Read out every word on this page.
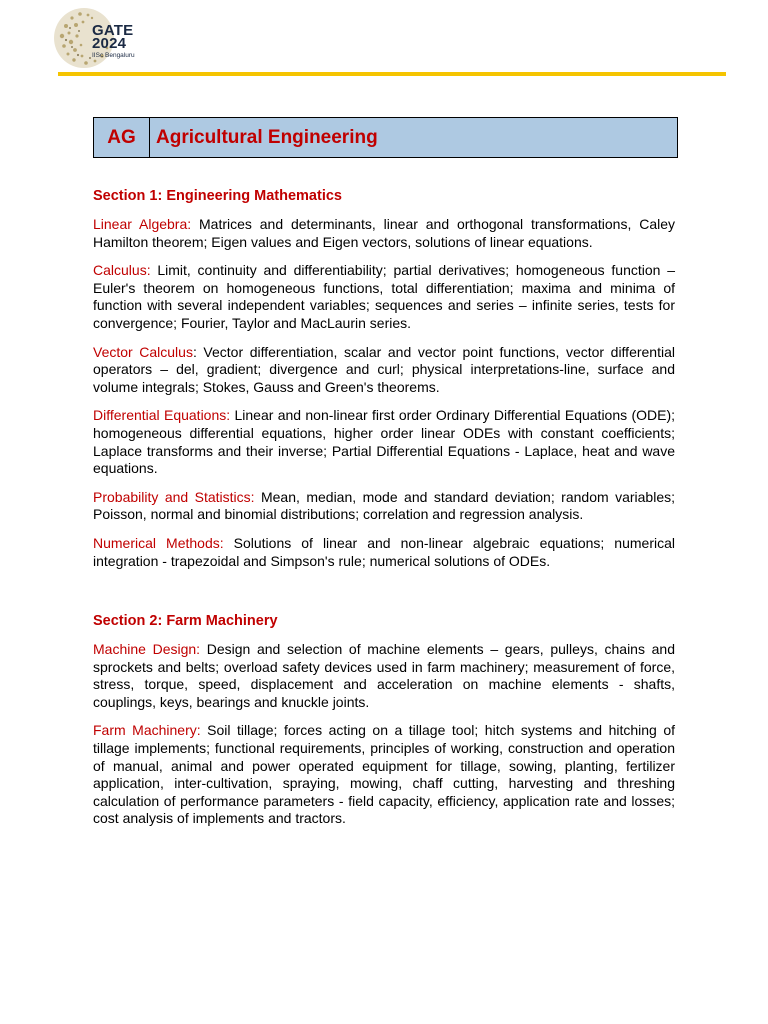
GATE
2024
IISc Bengaluru
AG	Agricultural Engineering
Section 1: Engineering Mathematics

Linear Algebra: Matrices and determinants, linear and orthogonal transformations, Caley Hamilton theorem; Eigen values and Eigen vectors, solutions of linear equations.

Calculus: Limit, continuity and differentiability; partial derivatives; homogeneous function – Euler's theorem on homogeneous functions, total differentiation; maxima and minima of function with several independent variables; sequences and series – infinite series, tests for convergence; Fourier, Taylor and MacLaurin series.

Vector Calculus: Vector differentiation, scalar and vector point functions, vector differential operators – del, gradient; divergence and curl; physical interpretations-line, surface and volume integrals; Stokes, Gauss and Green's theorems.

Differential Equations: Linear and non-linear first order Ordinary Differential Equations (ODE); homogeneous differential equations, higher order linear ODEs with constant coefficients; Laplace transforms and their inverse; Partial Differential Equations - Laplace, heat and wave equations.

Probability and Statistics: Mean, median, mode and standard deviation; random variables; Poisson, normal and binomial distributions; correlation and regression analysis.

Numerical Methods: Solutions of linear and non-linear algebraic equations; numerical integration - trapezoidal and Simpson's rule; numerical solutions of ODEs.

Section 2: Farm Machinery

Machine Design: Design and selection of machine elements – gears, pulleys, chains and sprockets and belts; overload safety devices used in farm machinery; measurement of force, stress, torque, speed, displacement and acceleration on machine elements - shafts, couplings, keys, bearings and knuckle joints.

Farm Machinery: Soil tillage; forces acting on a tillage tool; hitch systems and hitching of tillage implements; functional requirements, principles of working, construction and operation of manual, animal and power operated equipment for tillage, sowing, planting, fertilizer application, inter-cultivation, spraying, mowing, chaff cutting, harvesting and threshing calculation of performance parameters - field capacity, efficiency, application rate and losses; cost analysis of implements and tractors.
